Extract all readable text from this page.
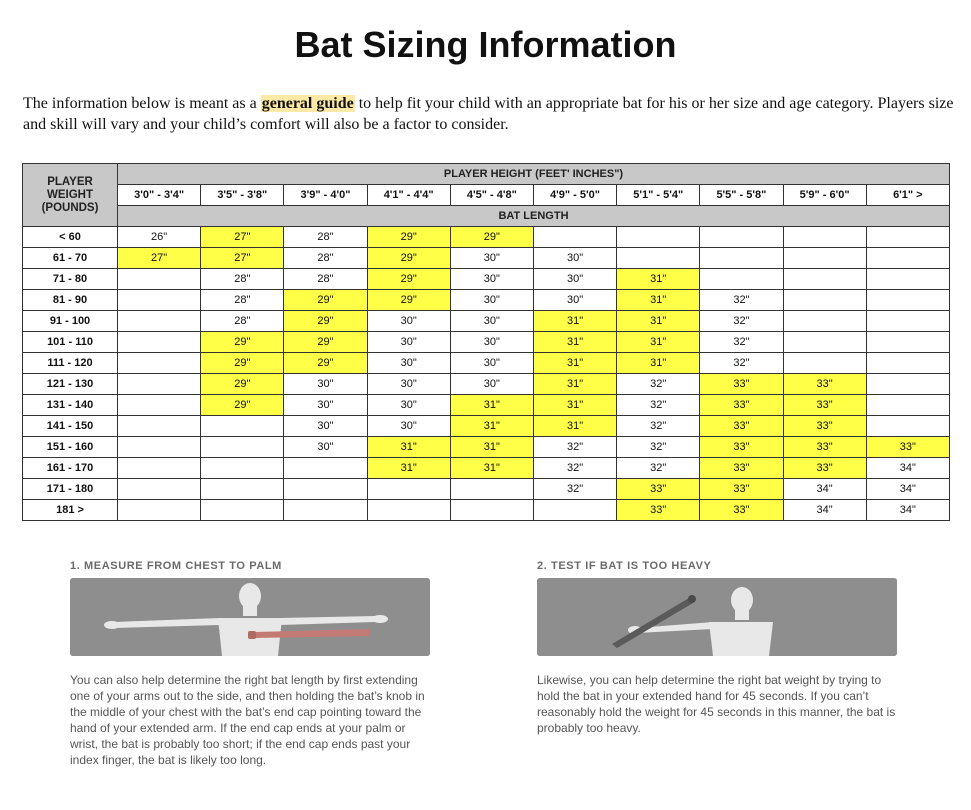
Bat Sizing Information
The information below is meant as a general guide to help fit your child with an appropriate bat for his or her size and age category. Players size and skill will vary and your child’s comfort will also be a factor to consider.
PLAYER WEIGHT (POUNDS)	PLAYER HEIGHT (FEET' INCHES")									
	3'0" - 3'4"	3'5" - 3'8"	3'9" - 4'0"	4'1" - 4'4"	4'5" - 4'8"	4'9" - 5'0"	5'1" - 5'4"	5'5" - 5'8"	5'9" - 6'0"	6'1" >
	BAT LENGTH									
< 60	26"	27"	28"	29"	29"					
61 - 70	27"	27"	28"	29"	30"	30"				
71 - 80		28"	28"	29"	30"	30"	31"			
81 - 90		28"	29"	29"	30"	30"	31"	32"		
91 - 100		28"	29"	30"	30"	31"	31"	32"		
101 - 110		29"	29"	30"	30"	31"	31"	32"		
111 - 120		29"	29"	30"	30"	31"	31"	32"		
121 - 130		29"	30"	30"	30"	31"	32"	33"	33"	
131 - 140		29"	30"	30"	31"	31"	32"	33"	33"	
141 - 150			30"	30"	31"	31"	32"	33"	33"	
151 - 160			30"	31"	31"	32"	32"	33"	33"	33"
161 - 170				31"	31"	32"	32"	33"	33"	34"
171 - 180						32"	33"	33"	34"	34"
181 >							33"	33"	34"	34"
1. MEASURE FROM CHEST TO PALM
You can also help determine the right bat length by first extending one of your arms out to the side, and then holding the bat’s knob in the middle of your chest with the bat’s end cap pointing toward the hand of your extended arm. If the end cap ends at your palm or wrist, the bat is probably too short; if the end cap ends past your index finger, the bat is likely too long.
2. TEST IF BAT IS TOO HEAVY
Likewise, you can help determine the right bat weight by trying to hold the bat in your extended hand for 45 seconds. If you can’t reasonably hold the weight for 45 seconds in this manner, the bat is probably too heavy.
